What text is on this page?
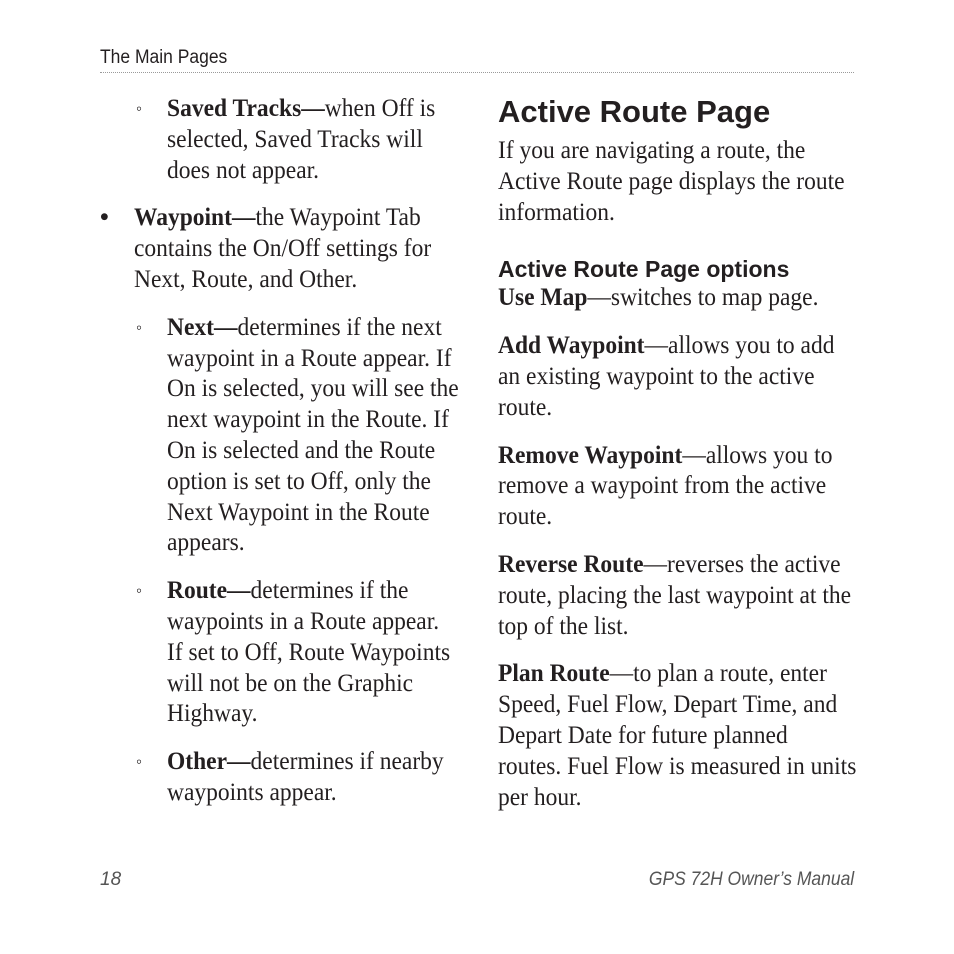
The Main Pages
◦ Saved Tracks—when Off is selected, Saved Tracks will does not appear.
• Waypoint—the Waypoint Tab contains the On/Off settings for Next, Route, and Other.
◦ Next—determines if the next waypoint in a Route appear. If On is selected, you will see the next waypoint in the Route. If On is selected and the Route option is set to Off, only the Next Waypoint in the Route appears.
◦ Route—determines if the waypoints in a Route appear. If set to Off, Route Waypoints will not be on the Graphic Highway.
◦ Other—determines if nearby waypoints appear.
Active Route Page

If you are navigating a route, the Active Route page displays the route information.

Active Route Page options

Use Map—switches to map page.

Add Waypoint—allows you to add an existing waypoint to the active route.

Remove Waypoint—allows you to remove a waypoint from the active route.

Reverse Route—reverses the active route, placing the last waypoint at the top of the list.

Plan Route—to plan a route, enter Speed, Fuel Flow, Depart Time, and Depart Date for future planned routes. Fuel Flow is measured in units per hour.

18	GPS 72H Owner’s Manual
